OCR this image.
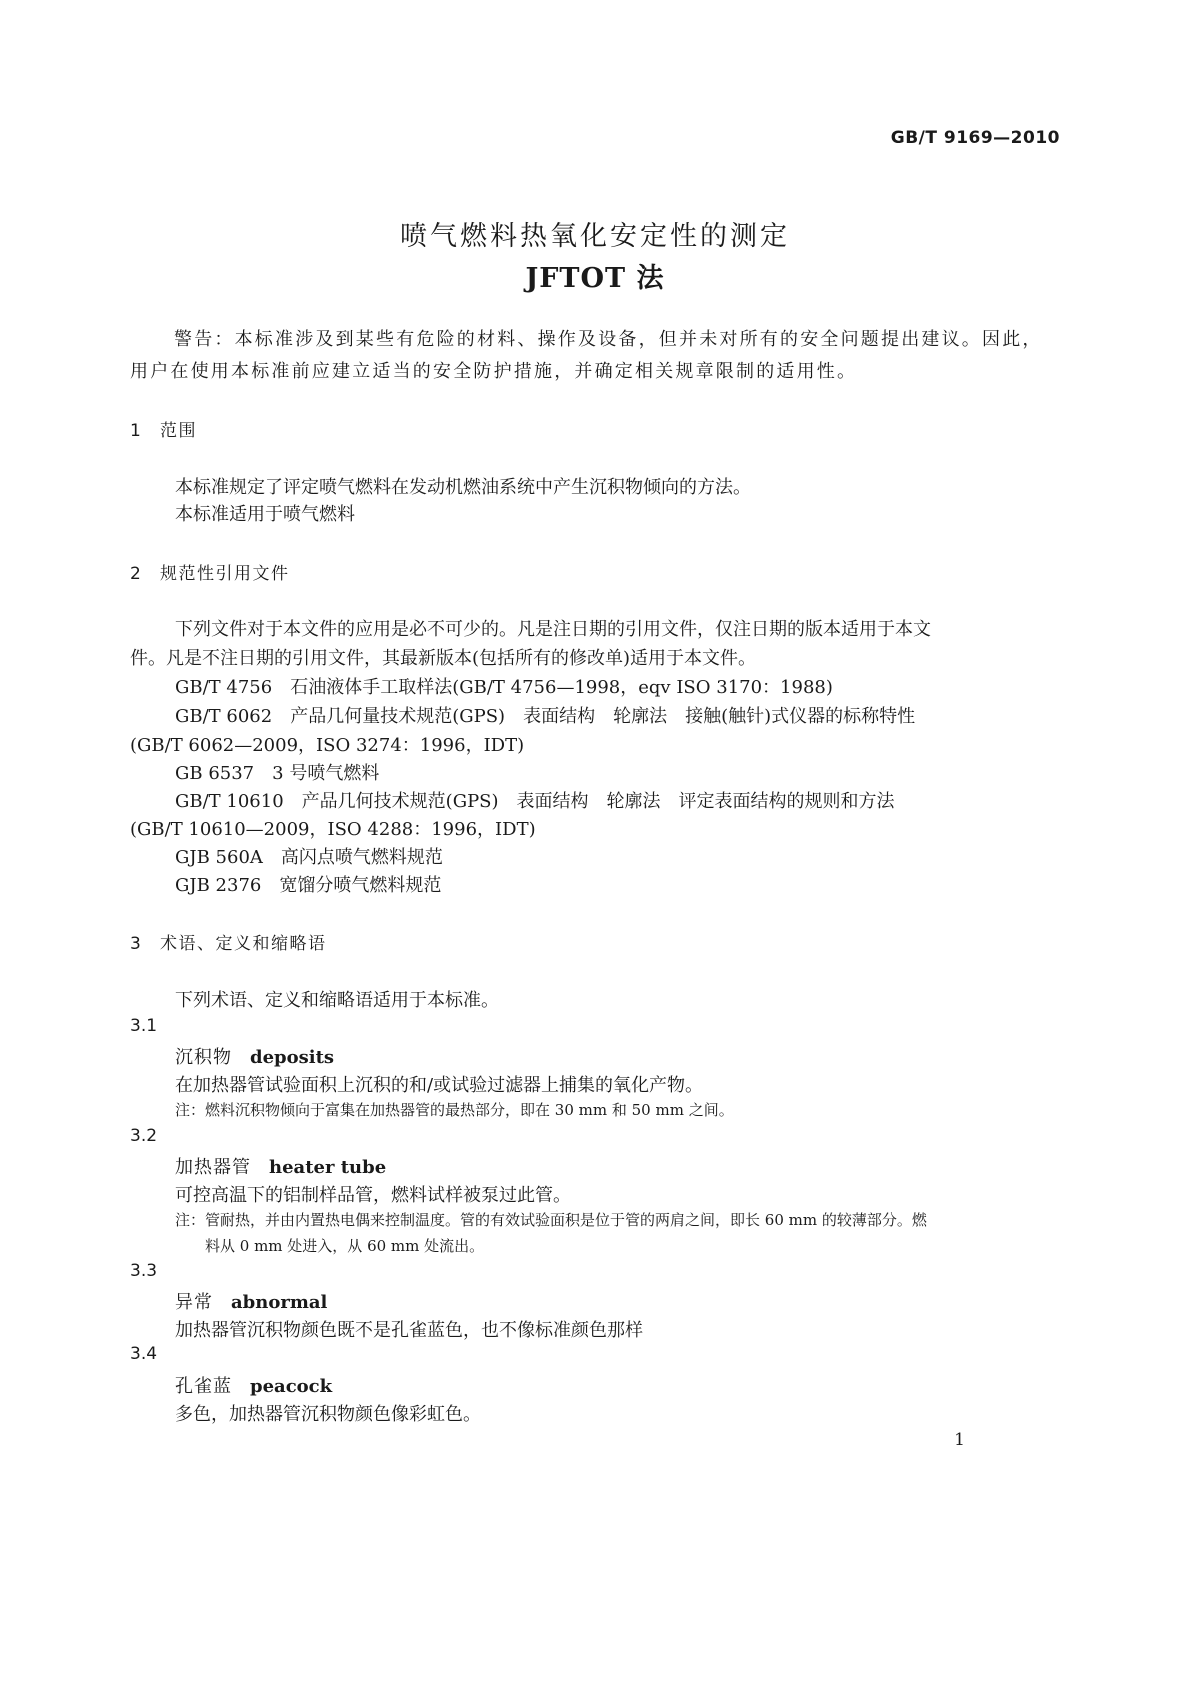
GB/T 9169—2010
喷气燃料热氧化安定性的测定
JFTOT 法
警告：本标准涉及到某些有危险的材料、操作及设备，但并未对所有的安全问题提出建议。因此，用户在使用本标准前应建立适当的安全防护措施，并确定相关规章限制的适用性。
1 范围
本标准规定了评定喷气燃料在发动机燃油系统中产生沉积物倾向的方法。
本标准适用于喷气燃料
2 规范性引用文件
下列文件对于本文件的应用是必不可少的。凡是注日期的引用文件，仅注日期的版本适用于本文
件。凡是不注日期的引用文件，其最新版本(包括所有的修改单)适用于本文件。
GB/T 4756 石油液体手工取样法(GB/T 4756—1998，eqv ISO 3170：1988)
GB/T 6062 产品几何量技术规范(GPS)　表面结构　轮廓法　接触(触针)式仪器的标称特性
(GB/T 6062—2009，ISO 3274：1996，IDT)
GB 6537 3 号喷气燃料
GB/T 10610 产品几何技术规范(GPS)　表面结构　轮廓法　评定表面结构的规则和方法
(GB/T 10610—2009，ISO 4288：1996，IDT)
GJB 560A 高闪点喷气燃料规范
GJB 2376 宽馏分喷气燃料规范
3 术语、定义和缩略语
下列术语、定义和缩略语适用于本标准。
3.1
沉积物 deposits
在加热器管试验面积上沉积的和/或试验过滤器上捕集的氧化产物。
注：燃料沉积物倾向于富集在加热器管的最热部分，即在 30 mm 和 50 mm 之间。
3.2
加热器管 heater tube
可控高温下的铝制样品管，燃料试样被泵过此管。
注：管耐热，并由内置热电偶来控制温度。管的有效试验面积是位于管的两肩之间，即长 60 mm 的较薄部分。燃
料从 0 mm 处进入，从 60 mm 处流出。
3.3
异常 abnormal
加热器管沉积物颜色既不是孔雀蓝色，也不像标准颜色那样
3.4
孔雀蓝 peacock
多色，加热器管沉积物颜色像彩虹色。
1
